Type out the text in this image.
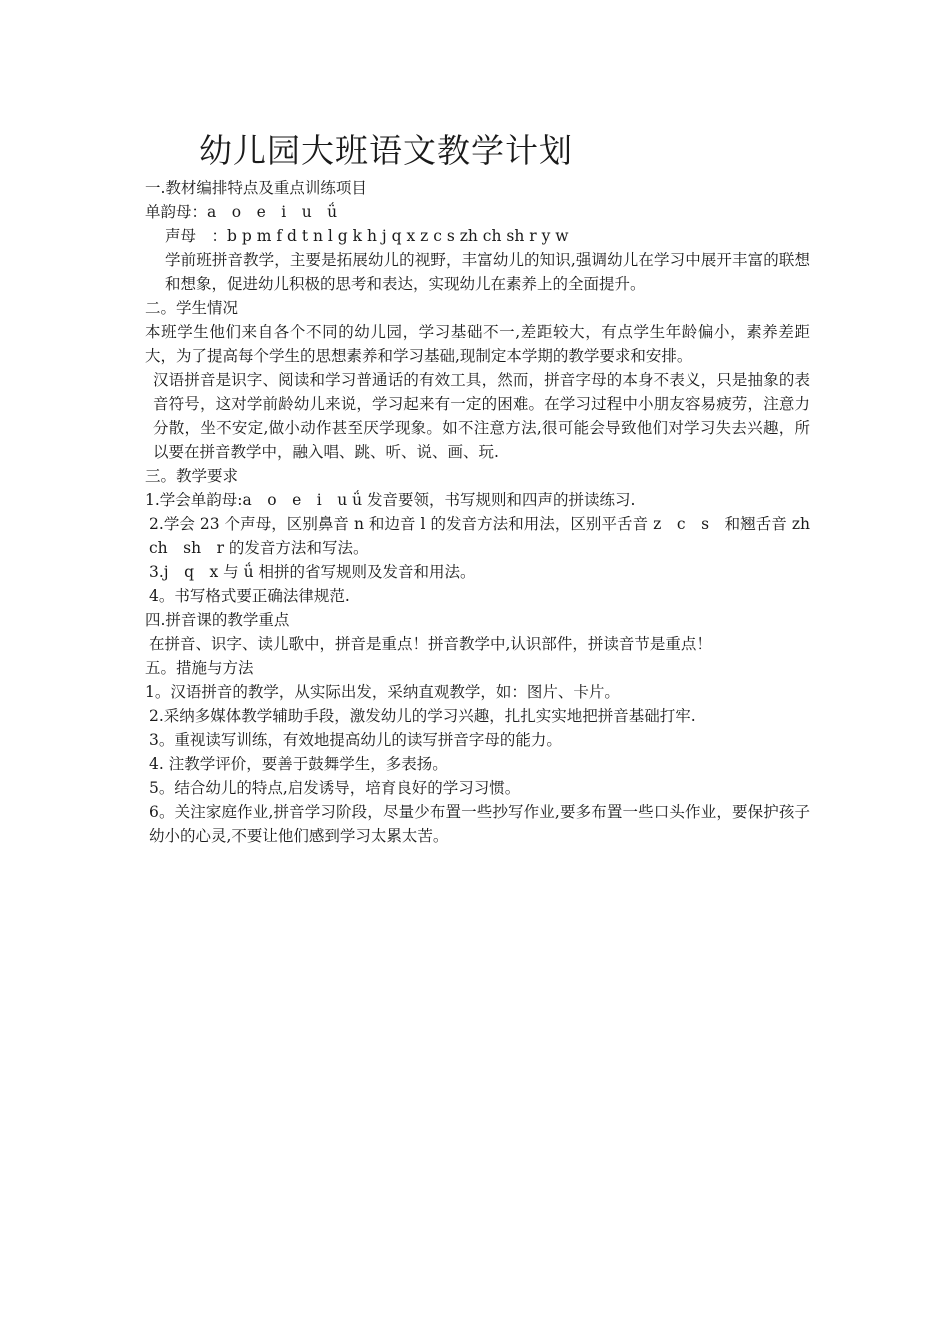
幼儿园大班语文教学计划
一.教材编排特点及重点训练项目
单韵母：a　o　e　i　u　ǘ
声母　：b p m f d t n l g k h j q x z c s zh ch sh r y w
学前班拼音教学，主要是拓展幼儿的视野，丰富幼儿的知识,强调幼儿在学习中展开丰富的联想和想象，促进幼儿积极的思考和表达，实现幼儿在素养上的全面提升。
二。学生情况
本班学生他们来自各个不同的幼儿园，学习基础不一,差距较大，有点学生年龄偏小，素养差距大，为了提高每个学生的思想素养和学习基础,现制定本学期的教学要求和安排。
汉语拼音是识字、阅读和学习普通话的有效工具，然而，拼音字母的本身不表义，只是抽象的表音符号，这对学前龄幼儿来说，学习起来有一定的困难。在学习过程中小朋友容易疲劳，注意力分散，坐不安定,做小动作甚至厌学现象。如不注意方法,很可能会导致他们对学习失去兴趣，所以要在拼音教学中，融入唱、跳、听、说、画、玩.
三。教学要求
1.学会单韵母:a　o　e　i　u ǘ 发音要领，书写规则和四声的拼读练习.
2.学会 23 个声母，区别鼻音 n 和边音 l 的发音方法和用法，区别平舌音 z　c　s　和翘舌音 zh　ch　sh　r 的发音方法和写法。
3.j　q　x 与 ǘ 相拼的省写规则及发音和用法。
4。书写格式要正确法律规范.
四.拼音课的教学重点
在拼音、识字、读儿歌中，拼音是重点！拼音教学中,认识部件，拼读音节是重点！
五。措施与方法
1。汉语拼音的教学，从实际出发，采纳直观教学，如：图片、卡片。
2.采纳多媒体教学辅助手段，激发幼儿的学习兴趣，扎扎实实地把拼音基础打牢.
3。重视读写训练，有效地提高幼儿的读写拼音字母的能力。
4. 注教学评价，要善于鼓舞学生，多表扬。
5。结合幼儿的特点,启发诱导，培育良好的学习习惯。
6。关注家庭作业,拼音学习阶段，尽量少布置一些抄写作业,要多布置一些口头作业，要保护孩子幼小的心灵,不要让他们感到学习太累太苦。
